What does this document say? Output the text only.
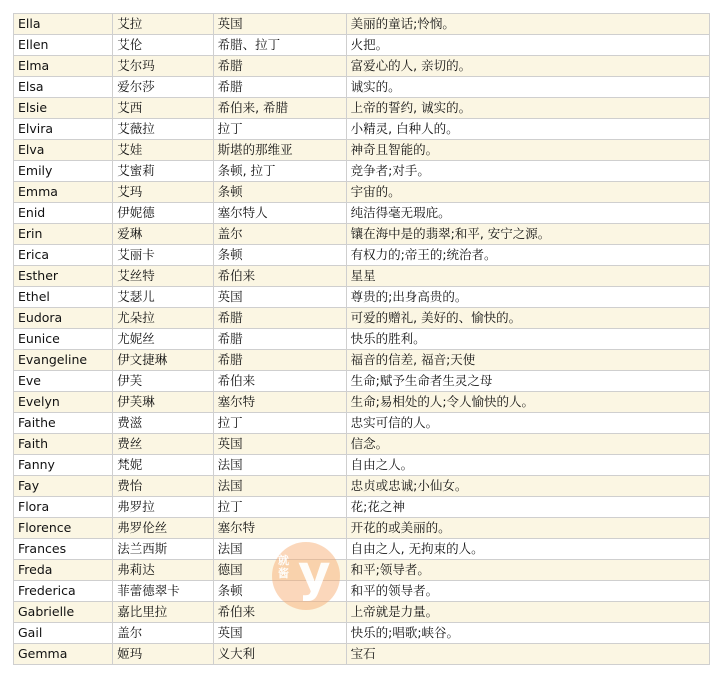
Ella	艾拉	英国	美丽的童话;怜悯。
Ellen	艾伦	希腊、拉丁	火把。
Elma	艾尔玛	希腊	富爱心的人, 亲切的。
Elsa	爱尔莎	希腊	诚实的。
Elsie	艾西	希伯来, 希腊	上帝的誓约, 诚实的。
Elvira	艾薇拉	拉丁	小精灵, 白种人的。
Elva	艾娃	斯堪的那维亚	神奇且智能的。
Emily	艾蜜莉	条顿, 拉丁	竞争者;对手。
Emma	艾玛	条顿	宇宙的。
Enid	伊妮德	塞尔特人	纯洁得毫无瑕庇。
Erin	爱琳	盖尔	镶在海中是的翡翠;和平, 安宁之源。
Erica	艾丽卡	条顿	有权力的;帝王的;统治者。
Esther	艾丝特	希伯来	星星
Ethel	艾瑟儿	英国	尊贵的;出身高贵的。
Eudora	尤朵拉	希腊	可爱的赠礼, 美好的、愉快的。
Eunice	尤妮丝	希腊	快乐的胜利。
Evangeline	伊文捷琳	希腊	福音的信差, 福音;天使
Eve	伊芙	希伯来	生命;赋予生命者生灵之母
Evelyn	伊芙琳	塞尔特	生命;易相处的人;令人愉快的人。
Faithe	费滋	拉丁	忠实可信的人。
Faith	费丝	英国	信念。
Fanny	梵妮	法国	自由之人。
Fay	费怡	法国	忠贞或忠诚;小仙女。
Flora	弗罗拉	拉丁	花;花之神
Florence	弗罗伦丝	塞尔特	开花的或美丽的。
Frances	法兰西斯	法国	自由之人, 无拘束的人。
Freda	弗莉达	德国	和平;领导者。
Frederica	菲蕾德翠卡	条顿	和平的领导者。
Gabrielle	嘉比里拉	希伯来	上帝就是力量。
Gail	盖尔	英国	快乐的;唱歌;峡谷。
Gemma	姬玛	义大利	宝石
就酱 y
